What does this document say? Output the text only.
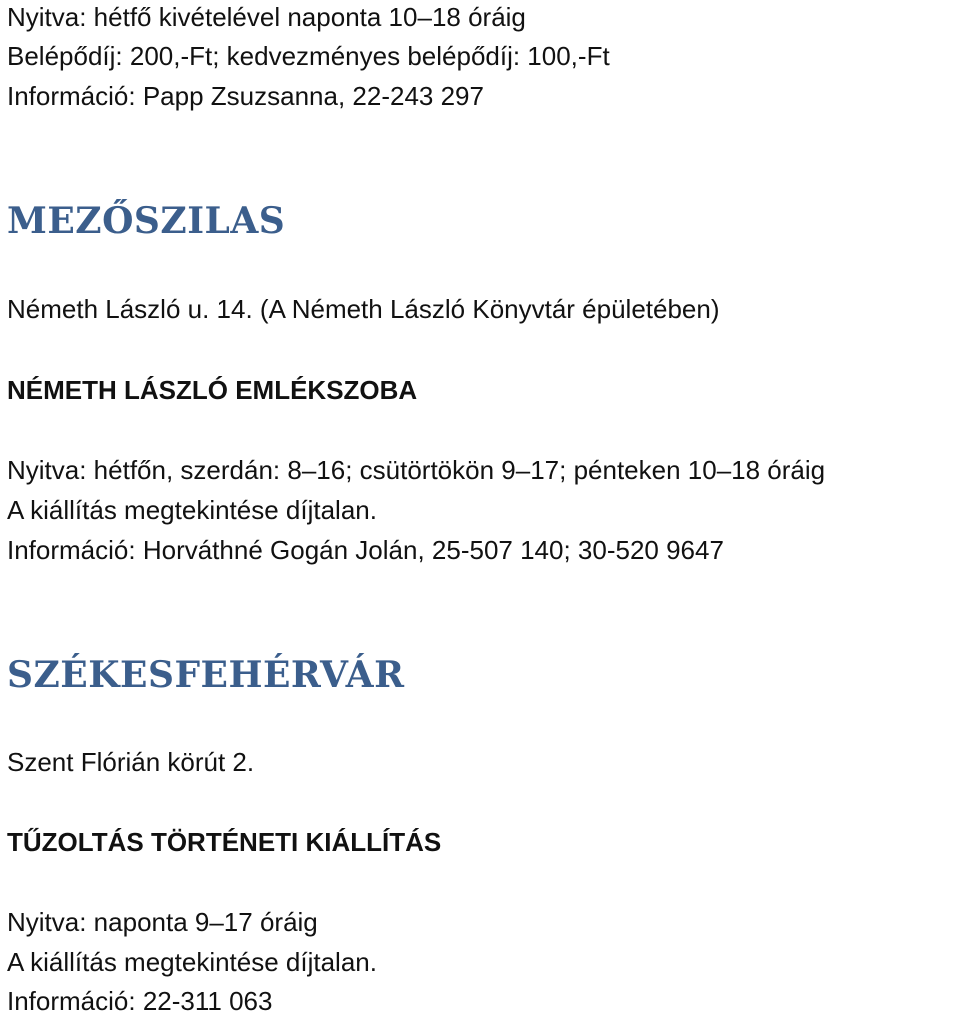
Nyitva: hétfő kivételével naponta 10–18 óráig

Belépődíj: 200,-Ft; kedvezményes belépődíj: 100,-Ft

Információ: Papp Zsuzsanna, 22-243 297

MEZŐSZILAS

Németh László u. 14. (A Németh László Könyvtár épületében)

NÉMETH LÁSZLÓ EMLÉKSZOBA

Nyitva: hétfőn, szerdán: 8–16; csütörtökön 9–17; pénteken 10–18 óráig

A kiállítás megtekintése díjtalan.

Információ: Horváthné Gogán Jolán, 25-507 140; 30-520 9647

SZÉKESFEHÉRVÁR

Szent Flórián körút 2.

TŰZOLTÁS TÖRTÉNETI KIÁLLÍTÁS

Nyitva: naponta 9–17 óráig

A kiállítás megtekintése díjtalan.

Információ: 22-311 063
